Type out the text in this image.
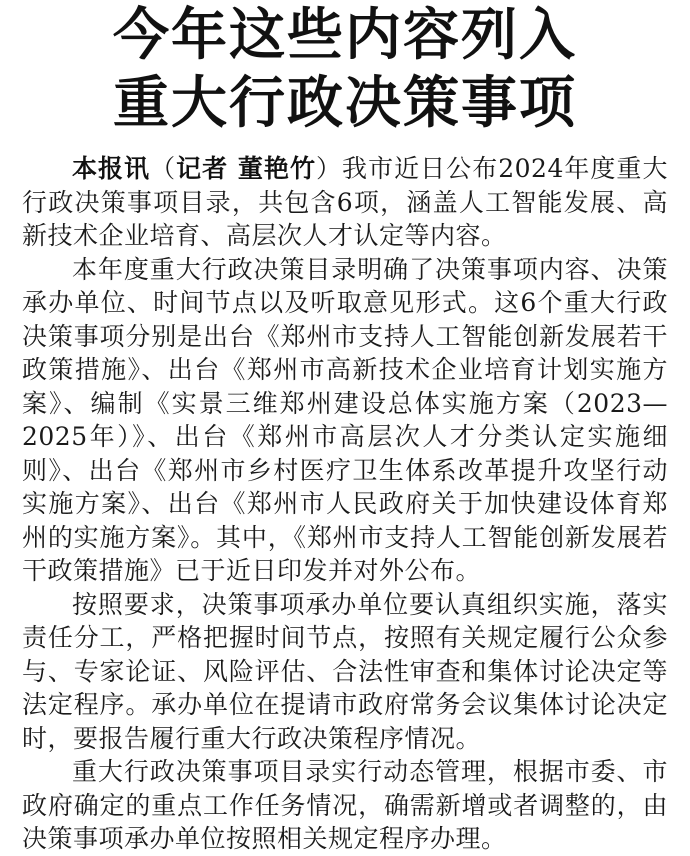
今年这些内容列入
重大行政决策事项

本报讯（记者 董艳竹）我市近日公布2024年度重大行政决策事项目录，共包含6项，涵盖人工智能发展、高新技术企业培育、高层次人才认定等内容。

本年度重大行政决策目录明确了决策事项内容、决策承办单位、时间节点以及听取意见形式。这6个重大行政决策事项分别是出台《郑州市支持人工智能创新发展若干政策措施》、出台《郑州市高新技术企业培育计划实施方案》、编制《实景三维郑州建设总体实施方案（2023—2025年）》、出台《郑州市高层次人才分类认定实施细则》、出台《郑州市乡村医疗卫生体系改革提升攻坚行动实施方案》、出台《郑州市人民政府关于加快建设体育郑州的实施方案》。其中，《郑州市支持人工智能创新发展若干政策措施》已于近日印发并对外公布。

按照要求，决策事项承办单位要认真组织实施，落实责任分工，严格把握时间节点，按照有关规定履行公众参与、专家论证、风险评估、合法性审查和集体讨论决定等法定程序。承办单位在提请市政府常务会议集体讨论决定时，要报告履行重大行政决策程序情况。

重大行政决策事项目录实行动态管理，根据市委、市政府确定的重点工作任务情况，确需新增或者调整的，由决策事项承办单位按照相关规定程序办理。
